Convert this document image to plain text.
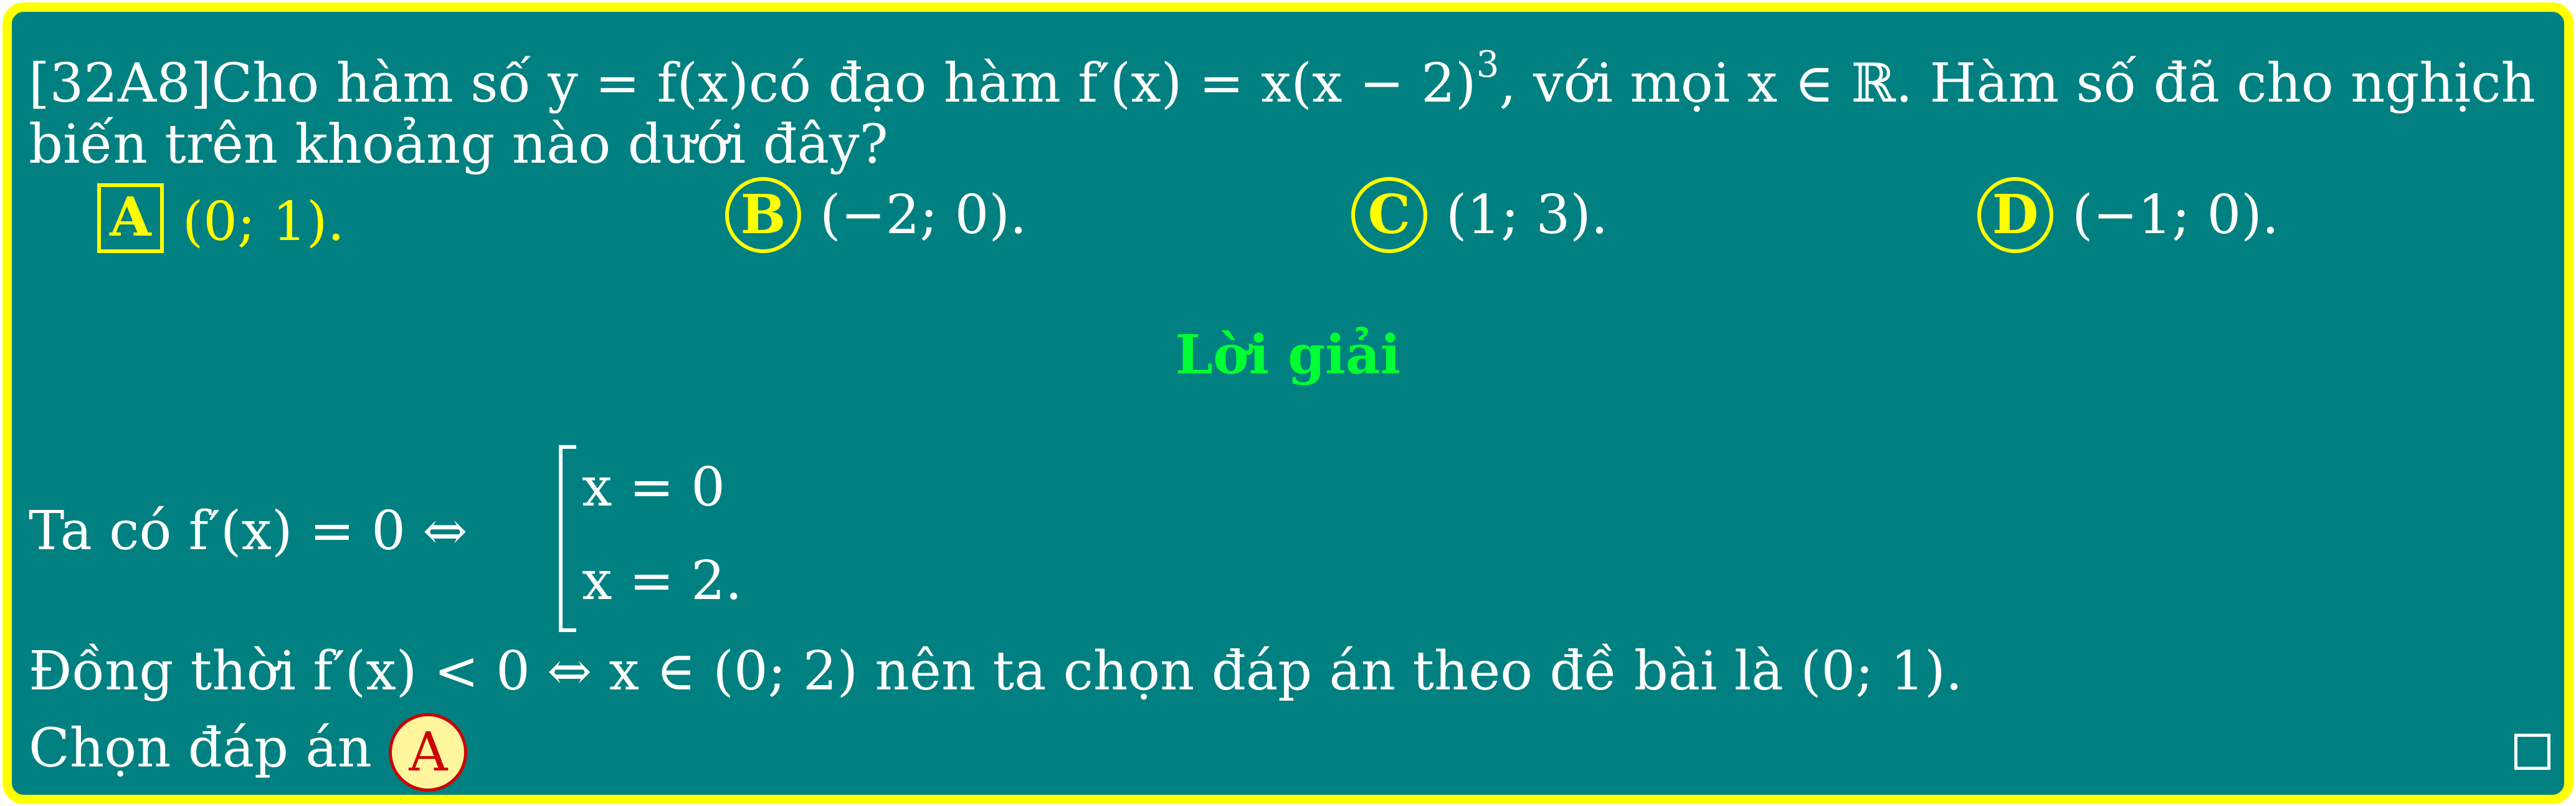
[32A8]Cho hàm số y = f(x)có đạo hàm $f'(x) = x(x - 2)^3$, với mọi x ∈ ℝ. Hàm số đã cho nghịch
biến trên khoảng nào dưới đây?
A (0; 1).	B (−2; 0).	C (1; 3).	D (−1; 0).
Lời giải
Ta có f′(x) = 0 ⇔
x = 0
x = 2.
Đồng thời f′(x) < 0 ⇔ x ∈ (0; 2) nên ta chọn đáp án theo đề bài là (0; 1).
Chọn đáp án A
